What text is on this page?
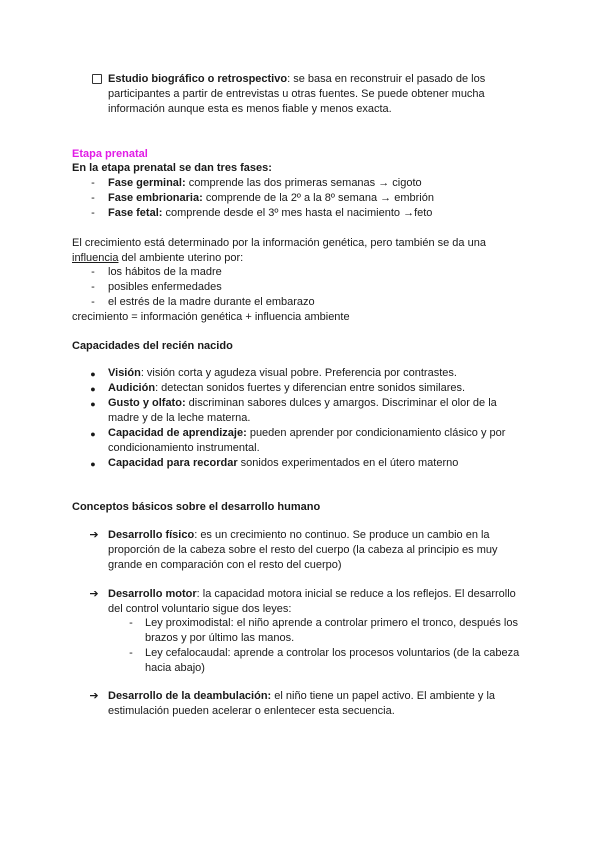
Estudio biográfico o retrospectivo: se basa en reconstruir el pasado de los
participantes a partir de entrevistas u otras fuentes. Se puede obtener mucha
información aunque esta es menos fiable y menos exacta.
Etapa prenatal
En la etapa prenatal se dan tres fases:
-	Fase germinal: comprende las dos primeras semanas → cigoto
-	Fase embrionaria: comprende de la 2º a la 8º semana → embrión
-	Fase fetal: comprende desde el 3º mes hasta el nacimiento →feto
El crecimiento está determinado por la información genética, pero también se da una
influencia del ambiente uterino por:
-	los hábitos de la madre
-	posibles enfermedades
-	el estrés de la madre durante el embarazo
crecimiento = información genética + influencia ambiente
Capacidades del recién nacido
●	Visión: visión corta y agudeza visual pobre. Preferencia por contrastes.
●	Audición: detectan sonidos fuertes y diferencian entre sonidos similares.
●	Gusto y olfato: discriminan sabores dulces y amargos. Discriminar el olor de la
madre y de la leche materna.
●	Capacidad de aprendizaje: pueden aprender por condicionamiento clásico y por
condicionamiento instrumental.
●	Capacidad para recordar sonidos experimentados en el útero materno
Conceptos básicos sobre el desarrollo humano
➔ Desarrollo físico: es un crecimiento no continuo. Se produce un cambio en la
proporción de la cabeza sobre el resto del cuerpo (la cabeza al principio es muy
grande en comparación con el resto del cuerpo)
➔ Desarrollo motor: la capacidad motora inicial se reduce a los reflejos. El desarrollo
del control voluntario sigue dos leyes:
-	Ley proximodistal: el niño aprende a controlar primero el tronco, después los
brazos y por último las manos.
-	Ley cefalocaudal: aprende a controlar los procesos voluntarios (de la cabeza
hacia abajo)
➔ Desarrollo de la deambulación: el niño tiene un papel activo. El ambiente y la
estimulación pueden acelerar o enlentecer esta secuencia.
